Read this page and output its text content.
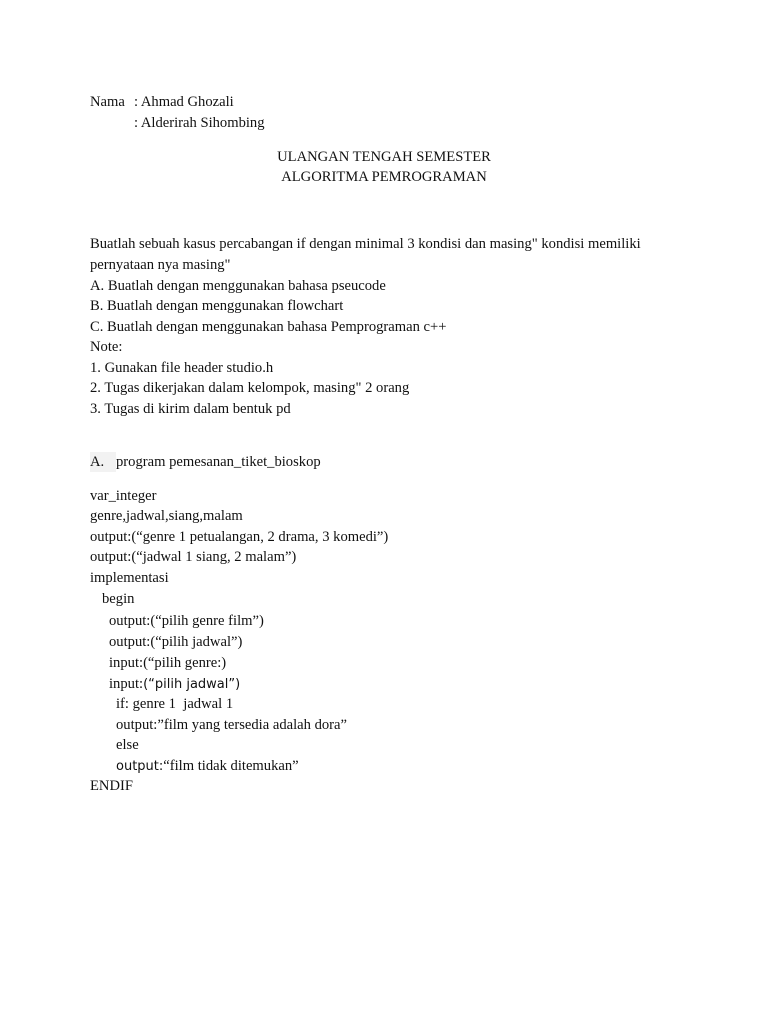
Nama : Ahmad Ghozali
: Alderirah Sihombing
ULANGAN TENGAH SEMESTER
ALGORITMA PEMROGRAMAN
Buatlah sebuah kasus percabangan if dengan minimal 3 kondisi dan masing" kondisi memiliki
pernyataan nya masing"
A. Buatlah dengan menggunakan bahasa pseucode
B. Buatlah dengan menggunakan flowchart
C. Buatlah dengan menggunakan bahasa Pemprograman c++
Note:
1. Gunakan file header studio.h
2. Tugas dikerjakan dalam kelompok, masing" 2 orang
3. Tugas di kirim dalam bentuk pd
A. program pemesanan_tiket_bioskop
var_integer
genre,jadwal,siang,malam
output:(“genre 1 petualangan, 2 drama, 3 komedi”)
output:(“jadwal 1 siang, 2 malam”)
implementasi
begin
output:(“pilih genre film”)
output:(“pilih jadwal”)
input:(“pilih genre:)
input:(“pilih jadwal”)
if: genre 1  jadwal 1
output:”film yang tersedia adalah dora”
else
output:“film tidak ditemukan”
ENDIF
